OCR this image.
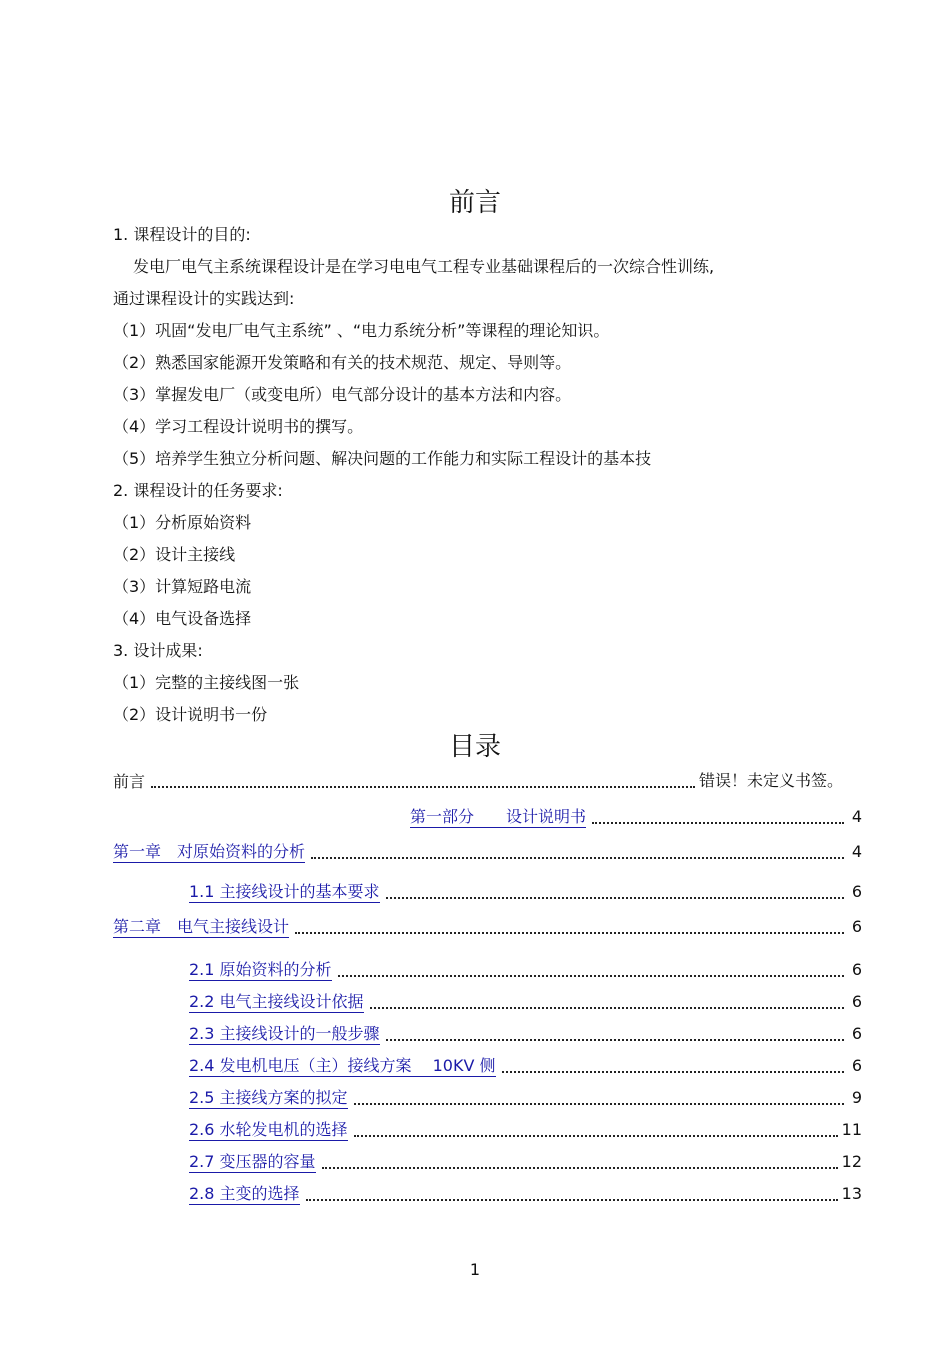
前言
1. 课程设计的目的:
发电厂电气主系统课程设计是在学习电电气工程专业基础课程后的一次综合性训练,
通过课程设计的实践达到:
（1）巩固“发电厂电气主系统” 、“电力系统分析”等课程的理论知识。
（2）熟悉国家能源开发策略和有关的技术规范、规定、导则等。
（3）掌握发电厂（或变电所）电气部分设计的基本方法和内容。
（4）学习工程设计说明书的撰写。
（5）培养学生独立分析问题、解决问题的工作能力和实际工程设计的基本技
2. 课程设计的任务要求:
（1）分析原始资料
（2）设计主接线
（3）计算短路电流
（4）电气设备选择
3. 设计成果:
（1）完整的主接线图一张
（2）设计说明书一份
目录
前言	错误！未定义书签。
第一部分　　设计说明书	4
第一章　对原始资料的分析	4
1.1 主接线设计的基本要求	6
第二章　电气主接线设计	6
2.1 原始资料的分析	6
2.2 电气主接线设计依据	6
2.3 主接线设计的一般步骤	6
2.4 发电机电压（主）接线方案　 10KV 侧	6
2.5 主接线方案的拟定	9
2.6 水轮发电机的选择	11
2.7 变压器的容量	12
2.8 主变的选择	13
1
